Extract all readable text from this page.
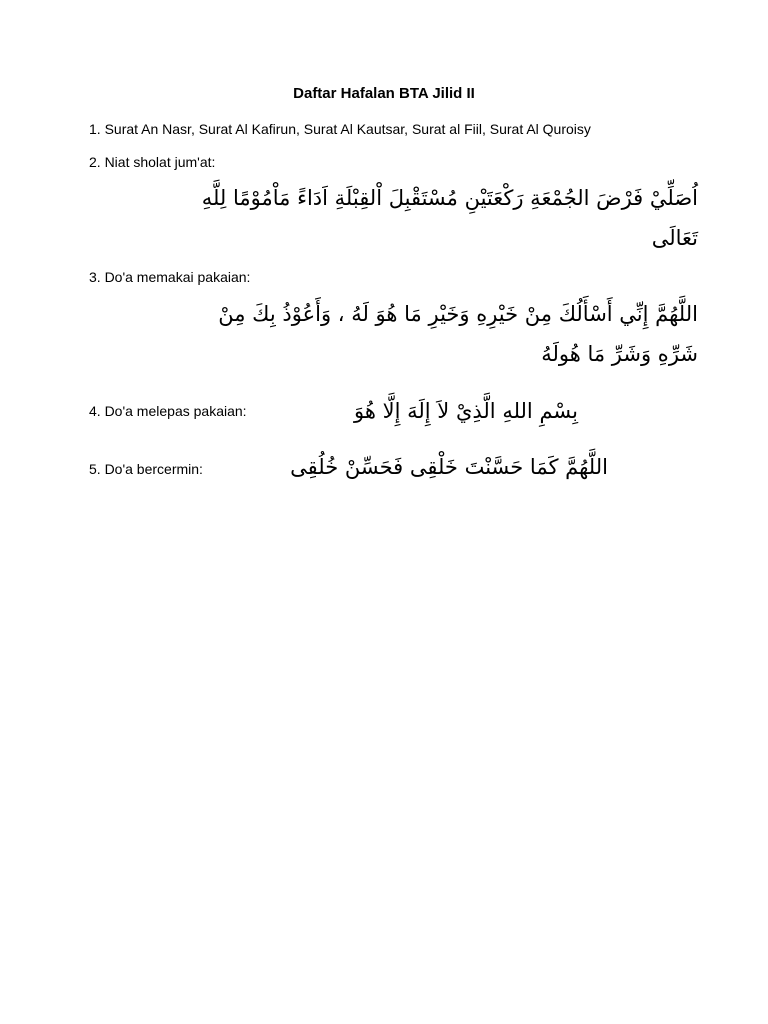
Daftar Hafalan BTA Jilid II
1. Surat An Nasr, Surat Al Kafirun, Surat Al Kautsar, Surat al Fiil, Surat Al Quroisy
2. Niat sholat jum'at:
اُصَلِّيْ فَرْضَ الجُمْعَةِ رَكْعَتَيْنِ مُسْتَقْبِلَ اْلقِبْلَةِ اَدَاءً مَاْمُوْمًا لِلَّهِ
تَعَالَى
3. Do'a memakai pakaian:
اللَّهُمَّ إِنِّي أَسْأَلُكَ مِنْ خَيْرِهِ وَخَيْرِ مَا هُوَ لَهُ ، وَأَعُوْذُ بِكَ مِنْ
شَرِّهِ وَشَرِّ مَا هُولَهُ
4. Do'a melepas pakaian:	بِسْمِ اللهِ الَّذِيْ لاَ إِلَهَ إِلَّا هُوَ
5. Do'a bercermin:	اللَّهُمَّ كَمَا حَسَّنْتَ خَلْقِى فَحَسِّنْ خُلُقِى
